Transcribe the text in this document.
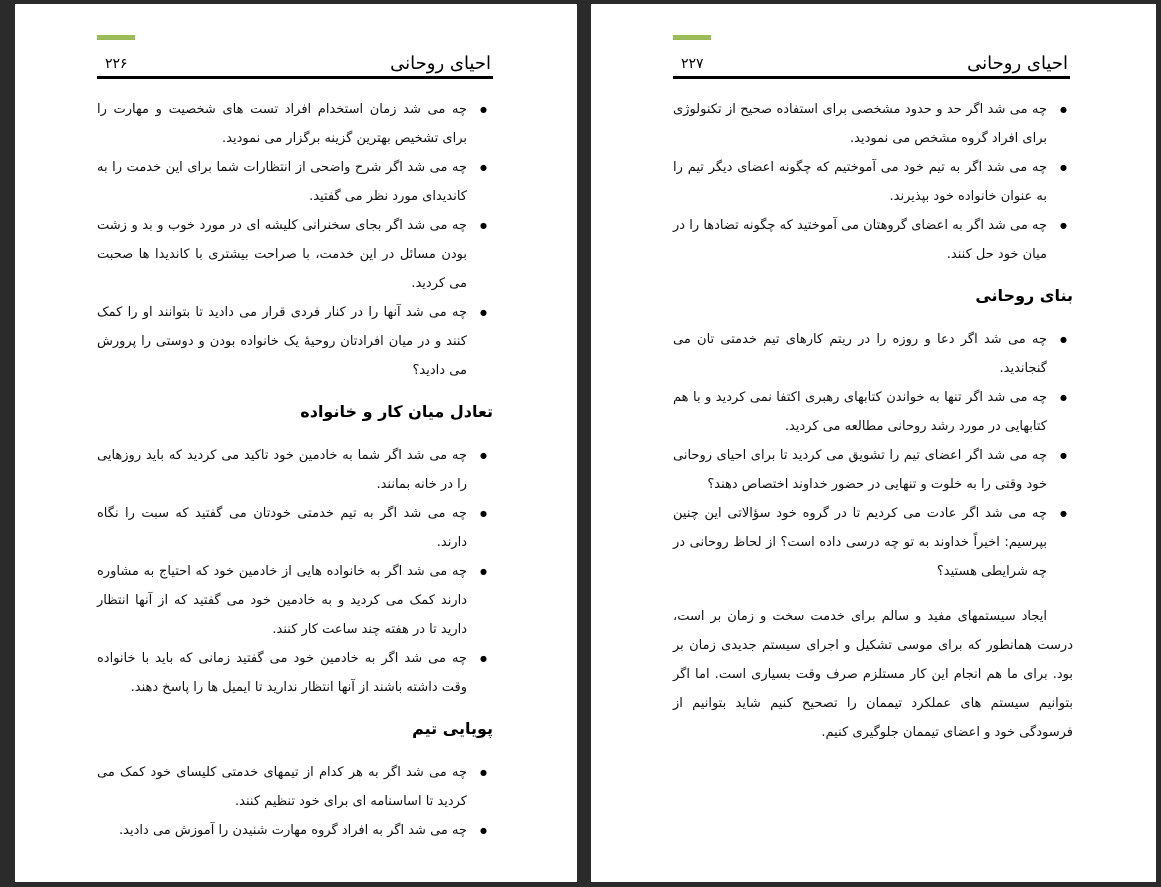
۲۲۶	احیای روحانی
● چه می شد زمان استخدام افراد تست های شخصیت و مهارت را برای تشخیص بهترین گزینه برگزار می نمودید.
● چه می شد اگر شرح واضحی از انتظارات شما برای این خدمت را به کاندیدای مورد نظر می گفتید.
● چه می شد اگر بجای سخنرانی کلیشه ای در مورد خوب و بد و زشت بودن مسائل در این خدمت، با صراحت بیشتری با کاندیدا ها صحبت می کردید.
● چه می شد آنها را در کنار فردی قرار می دادید تا بتوانند او را کمک کنند و در میان افرادتان روحیهٔ یک خانواده بودن و دوستی را پرورش می دادید؟
تعادل میان کار و خانواده
● چه می شد اگر شما به خادمین خود تاکید می کردید که باید روزهایی را در خانه بمانند.
● چه می شد اگر به تیم خدمتی خودتان می گفتید که سبت را نگاه دارند.
● چه می شد اگر به خانواده هایی از خادمین خود که احتیاج به مشاوره دارند کمک می کردید و به خادمین خود می گفتید که از آنها انتظار دارید تا در هفته چند ساعت کار کنند.
● چه می شد اگر به خادمین خود می گفتید زمانی که باید با خانواده وقت داشته باشند از آنها انتظار ندارید تا ایمیل ها را پاسخ دهند.
پویایی تیم
● چه می شد اگر به هر کدام از تیمهای خدمتی کلیسای خود کمک می کردید تا اساسنامه ای برای خود تنظیم کنند.
● چه می شد اگر به افراد گروه مهارت شنیدن را آموزش می دادید.
۲۲۷	احیای روحانی
● چه می شد اگر حد و حدود مشخصی برای استفاده صحیح از تکنولوژی برای افراد گروه مشخص می نمودید.
● چه می شد اگر به تیم خود می آموختیم که چگونه اعضای دیگر تیم را به عنوان خانواده خود بپذیرند.
● چه می شد اگر به اعضای گروهتان می آموختید که چگونه تضادها را در میان خود حل کنند.
بنای روحانی
● چه می شد اگر دعا و روزه را در ریتم کارهای تیم خدمتی تان می گنجاندید.
● چه می شد اگر تنها به خواندن کتابهای رهبری اکتفا نمی کردید و با هم کتابهایی در مورد رشد روحانی مطالعه می کردید.
● چه می شد اگر اعضای تیم را تشویق می کردید تا برای احیای روحانی خود وقتی را به خلوت و تنهایی در حضور خداوند اختصاص دهند؟
● چه می شد اگر عادت می کردیم تا در گروه خود سؤالاتی این چنین بپرسیم: اخیراً خداوند به تو چه درسی داده است؟ از لحاظ روحانی در چه شرایطی هستید؟

ایجاد سیستمهای مفید و سالم برای خدمت سخت و زمان بر است، درست همانطور که برای موسی تشکیل و اجرای سیستم جدیدی زمان بر بود. برای ما هم انجام این کار مستلزم صرف وقت بسیاری است. اما اگر بتوانیم سیستم های عملکرد تیممان را تصحیح کنیم شاید بتوانیم از فرسودگی خود و اعضای تیممان جلوگیری کنیم.
